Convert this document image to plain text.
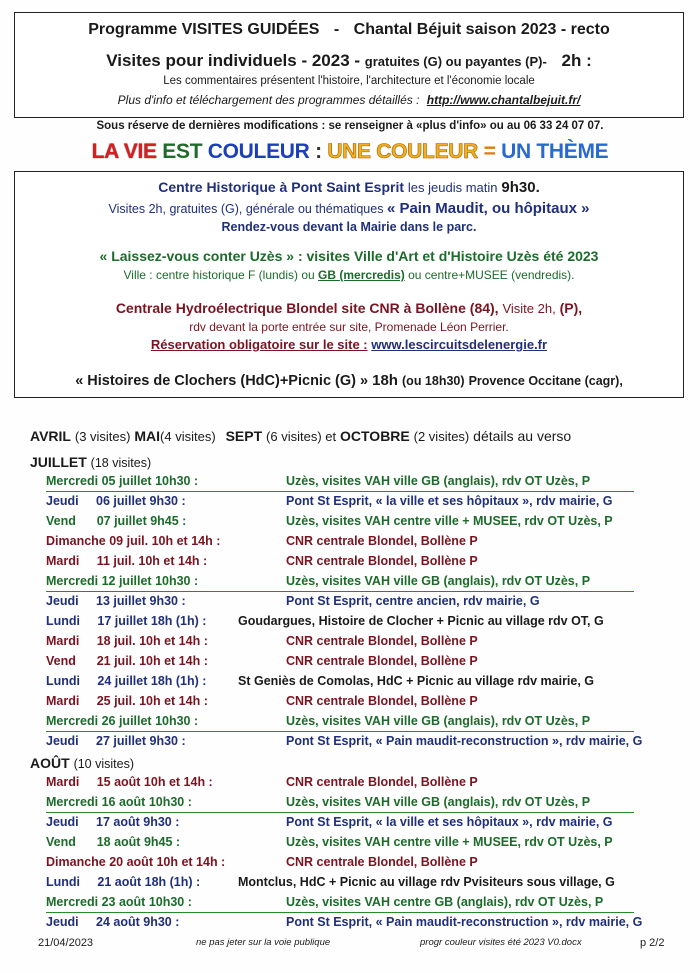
Programme VISITES GUIDÉES - Chantal Béjuit saison 2023 - recto
Visites pour individuels - 2023 - gratuites (G) ou payantes (P)- 2h :
Les commentaires présentent l'histoire, l'architecture et l'économie locale
Plus d'info et téléchargement des programmes détaillés : http://www.chantalbejuit.fr/
Sous réserve de dernières modifications : se renseigner à «plus d'info» ou au 06 33 24 07 07.
LA VIE EST COULEUR : UNE COULEUR = UN THÈME
Centre Historique à Pont Saint Esprit les jeudis matin 9h30.
Visites 2h, gratuites (G), générale ou thématiques « Pain Maudit, ou hôpitaux »
Rendez-vous devant la Mairie dans le parc.
« Laissez-vous conter Uzès » : visites Ville d'Art et d'Histoire Uzès été 2023
Ville : centre historique F (lundis) ou GB (mercredis) ou centre+MUSEE (vendredis).
Centrale Hydroélectrique Blondel site CNR à Bollène (84), Visite 2h, (P),
rdv devant la porte entrée sur site, Promenade Léon Perrier.
Réservation obligatoire sur le site : www.lescircuitsdelenergie.fr
« Histoires de Clochers (HdC)+Picnic (G) » 18h (ou 18h30) Provence Occitane (cagr),
AVRIL (3 visites) MAI(4 visites) SEPT (6 visites) et OCTOBRE (2 visites) détails au verso
JUILLET (18 visites)
Mercredi 05 juillet 10h30 :	Uzès, visites VAH ville GB (anglais), rdv OT Uzès, P
Jeudi     06 juillet 9h30 :	Pont St Esprit, « la ville et ses hôpitaux », rdv mairie, G
Vend      07 juillet 9h45 :	Uzès, visites VAH centre ville + MUSEE, rdv OT Uzès, P
Dimanche 09 juil. 10h et 14h :	CNR centrale Blondel, Bollène P
Mardi     11 juil. 10h et 14h :	CNR centrale Blondel, Bollène P
Mercredi 12 juillet 10h30 :	Uzès, visites VAH ville GB (anglais), rdv OT Uzès, P
Jeudi     13 juillet 9h30 :	Pont St Esprit, centre ancien, rdv mairie, G
Lundi     17 juillet 18h (1h) :	Goudargues, Histoire de Clocher + Picnic au village rdv OT, G
Mardi     18 juil. 10h et 14h :	CNR centrale Blondel, Bollène P
Vend      21 juil. 10h et 14h :	CNR centrale Blondel, Bollène P
Lundi     24 juillet 18h (1h) :	St Geniès de Comolas, HdC + Picnic au village rdv mairie, G
Mardi     25 juil. 10h et 14h :	CNR centrale Blondel, Bollène P
Mercredi 26 juillet 10h30 :	Uzès, visites VAH ville GB (anglais), rdv OT Uzès, P
Jeudi     27 juillet 9h30 :	Pont St Esprit, « Pain maudit-reconstruction », rdv mairie, G
AOÛT (10 visites)
Mardi     15 août 10h et 14h :	CNR centrale Blondel, Bollène P
Mercredi 16 août 10h30 :	Uzès, visites VAH ville GB (anglais), rdv OT Uzès, P
Jeudi     17 août 9h30 :	Pont St Esprit, « la ville et ses hôpitaux », rdv mairie, G
Vend      18 août 9h45 :	Uzès, visites VAH centre ville + MUSEE, rdv OT Uzès, P
Dimanche 20 août 10h et 14h :	CNR centrale Blondel, Bollène P
Lundi     21 août 18h (1h) :	Montclus, HdC + Picnic au village rdv Pvisiteurs sous village, G
Mercredi 23 août 10h30 :	Uzès, visites VAH centre GB (anglais), rdv OT Uzès, P
Jeudi     24 août 9h30 :	Pont St Esprit, « Pain maudit-reconstruction », rdv mairie, G
21/04/2023	ne pas jeter sur la voie publique	progr couleur visites été 2023 V0.docx	p 2/2
